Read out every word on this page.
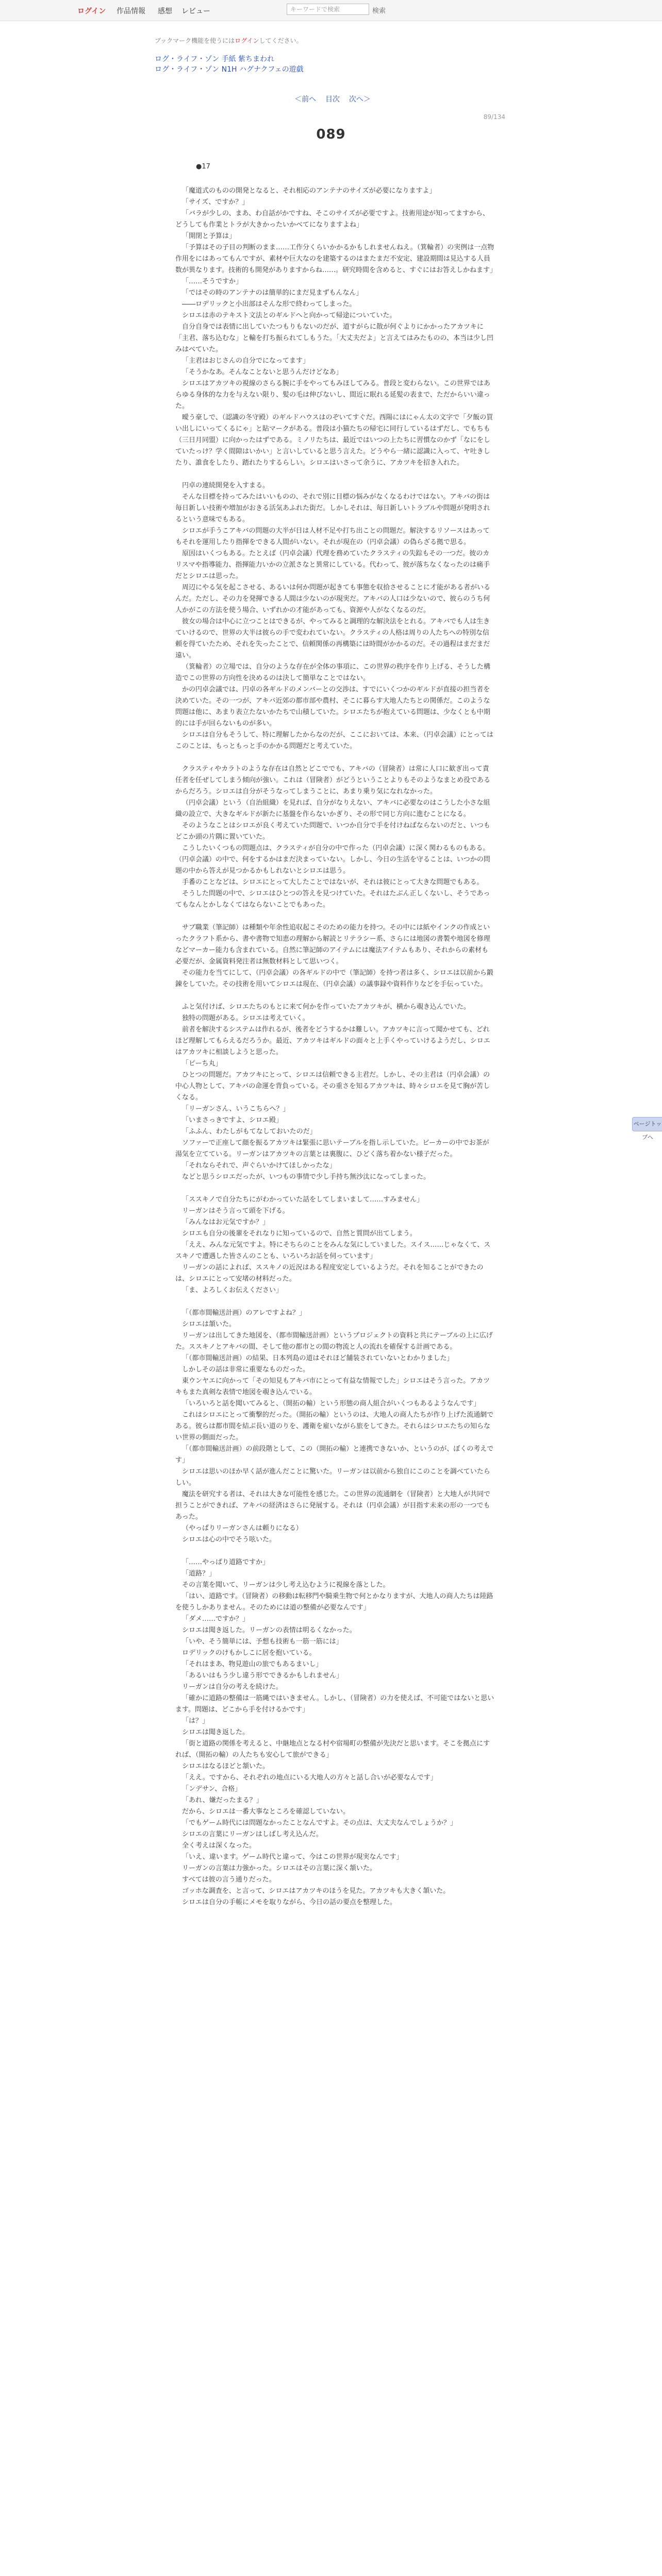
ログイン 作品情報 感想 レビュー	キーワードで検索	検索
ブックマーク機能を使うにはログインしてください。
ログ・ライフ・ゾン 手紙 紫ちまわれ
ログ・ライフ・ゾン N1H ハグナクフェの遊戯
＜前へ 目次 次へ＞
89/134
089
●17

「魔道式のものの開発となると、それ相応のアンテナのサイズが必要になりますよ」

「サイズ、ですか？」

「バラが少しの、まあ、わ自話がかですね、そこのサイズが必要ですよ。技術用途が知ってますから、どうしても作業とトラが大きかったいかべてになりますよね」

「開閉と予算は」

「予算はその子目の判断のまま……工作分くらいかかるかもしれませんねえ。（箕輪者）の実例は一点物作用をにはあってもんですが、素材や巨大なのを建築するのはまたまだ不安定、建設期間は見込する人員数が異なります。技術的も開発がありますからね……。研究時間を含めると、すぐにはお答えしかねます」

「……そうですか」

「ではその時のアンテナのは簡単的にまだ見まずもんなん」

――ロデリックと小出部はそんな形で終わってしまった。

シロエは赤のテキスト文法とのギルドへと向かって帰途についていた。

自分自身では表情に出していたつもりもないのだが、道すがらに散が何ぐよりにかかったアカツキに「主君、落ち込むな」と輸を打ち振られてしもうた。「大丈夫だよ」と言えてはみたものの、本当は少し凹みはべていた。

「主君はおじさんの自分でになってます」

「そうかなあ。そんなことないと思うんだけどなあ」

シロエはアカツキの視線のさらる腕に手をやってもみほしてみる。普段と変わらない。この世界ではあらゆる身体的な力を与えない限り、髪の毛は伸びないし、間近に眠れる延髪の表まで、ただからいい違った。

曖う豪しで、（認識の冬守殿）のギルドハウスはのぞいてすぐだ。西陽にはにゃん太の文字で「夕飯の買い出しにいってくるにゃ」と貼マークがある。普段は小猫たちの帰宅に同行しているはずだし、でもちも（三日月同盟）に向かったはずである。ミノリたちは、最近ではいつの上たちに習慣なのかず「なにをしていたっけ？学く間隙はいかい」と言いしていると思う言えた。どうやら一緒に認識に入って、ヤ吐きしたり、誰食をしたり、踏れたりするらしい。シロエはいさって余うに、アカツキを招き入れた。

円卓の連続開発を入すまる。

そんな目標を持ってみたはいいものの、それで別に目標の悩みがなくなるわけではない。アキバの街は毎日新しい技術や増加がおきる活気あふれた街だ。しかしそれは、毎日新しいトラブルや問題が発明されるという意味でもある。

シロエが手うこアキバの問題の大半が日は人材不足や打ち出ことの問題だ。解決するリソースはあってもそれを運用したり指揮をできる人間がいない。それが現在の（円卓会議）の偽らざる拠で思る。

原因はいくつもある。たとえば（円卓会議）代理を務めていたクラスティの失踪もその一つだ。彼のカリスマや指導能力、指揮能力いかの立派さなと異常にしている。代わって、彼が落ちなくなったのは痛手だとシロエは思った。

周辺にやる気を起こさせる、あるいは何か問題が起きても事態を収拾させることに才能がある者がいるんだ。ただし、その力を発揮できる人間は少ないのが現実だ。アキバの人口は少ないので、彼らのうち何人かがこの方法を使う場合、いずれかの才能があっても、資源や人がなくなるのだ。

彼女の場合は中心に立つことはできるが、やってみると調理的な解決法をとれる。アキバでも人は生きていけるので、世界の大半は彼らの手で変われていない。クラスティの人格は周りの人たちへの特別な信頼を得ていたため、それを失ったことで、信頼関係の再構築には時間がかかるのだ。その過程はまだまだ遠い。

（箕輪者）の立場では、自分のような存在が全体の事項に、この世界の秩序を作り上げる、そうした構造でこの世界の方向性を決めるのは決して簡単なことではない。

かの円卓会議では、円卓の各ギルドのメンバーとの交渉は、すでにいくつかのギルドが直接の担当者を決めていた。その一つが、アキバ近郊の都市部や農村、そこに暮らす大地人たちとの関係だ。このような問題は他に、あまり表立たないかたちで山積していた。シロエたちが抱えている問題は、少なくとも中期的には手が回らないものが多い。

シロエは自分もそうして、特に理解したからなのだが、ここにおいては、本来、（円卓会議）にとってはこのことは、もっともっと手のかかる問題だと考えていた。

クラスティやカラトのような存在は自然とどこででも、アキバの（冒険者）は常に人口に歓ぎ出って責任者を任ぜしてしまう傾向が強い。これは（冒険者）がどうということよりもそのようなまとめ役であるからだろう。シロエは自分がそうなってしまうことに、あまり乗り気になれなかった。

（円卓会議）という（自治組織）を見れば、自分がなりえない、アキバに必要なのはこうした小さな組織の設立で、大きなギルドが新たに基盤を作らないかぎり、その形で同じ方向に進むことになる。

そのようなことはシロエが良く考えていた問題で、いつか自分で手を付けねばならないのだと、いつもどこか頭の片隅に置いていた。

こうしたいくつもの問題点は、クラスティが自分の中で作った（円卓会議）に深く関わるものもある。（円卓会議）の中で、何をするかはまだ決まっていない。しかし、今日の生活を守ることは、いつかの問題の中から答えが見つかるかもしれないとシロエは思う。

手番のことなどは、シロエにとって大したことではないが、それは彼にとって大きな問題でもある。

そうした問題の中で、シロエはひとつの答えを見つけていた。それはたぶん正しくないし、そうであってもなんとかしなくてはならないことでもあった。

サブ職業（筆記師）は種類や年余性追収起こそのための能力を持つ。その中には紙やインクの作成といったクラフト系から、書や書物で知恵の理解から解読とリテラシー系、さらには地図の書製や地図を修理などマーカー能力も含まれている。自然に筆記師のアイテムには魔法アイテムもあり、それからの素材も必要だが、金属資料発注者は無数材料として思いつく。

その能力を当てにして、（円卓会議）の各ギルドの中で（筆記師）を持つ者は多く、シロエは以前から鍛錬をしていた。その技術を用いてシロエは現在、（円卓会議）の議事録や資料作りなどを手伝っていた。

ふと気付けば、シロエたちのもとに来て何かを作っていたアカツキが、横から覗き込んでいた。

独特の問題がある。シロエは考えていく。

前者を解決するシステムは作れるが、後者をどうするかは難しい。アカツキに言って聞かせても、どれほど理解してもらえるだろうか。最近、アカツキはギルドの面々と上手くやっていけるようだし、シロエはアカツキに相談しようと思った。

「ピーち丸」

ひとつの問題だ。アカツキにとって、シロエは信頼できる主君だ。しかし、その主君は（円卓会議）の中心人物として、アキバの命運を背負っている。その重さを知るアカツキは、時々シロエを見て胸が苦しくなる。

「リーガンさん、いうこちらへ？」

「いまさっきですよ、シロエ殿」

「ふふん、わたしがもてなしておいたのだ」

ソファーで正座して顔を振るアカツキは緊張に思いテーブルを指し示していた。ビーカーの中でお茶が湯気を立てている。リーガンはアカツキの言葉とは裏腹に、ひどく落ち着かない様子だった。

「それならそれで、声ぐらいかけてほしかったな」

などと思うシロエだったが、いつもの事情で少し手持ち無沙汰になってしまった。

「ススキノで自分たちにがわかっていた話をしてしまいまして……すみません」

リーガンはそう言って頭を下げる。

「みんなはお元気ですか？」

シロエも自分の後輩をそれなりに知っているので、自然と質問が出てしまう。

「ええ、みんな元気ですよ。特にそちらのことをみんな気にしていました。スイス……じゃなくて、ススキノで遭遇した皆さんのことも、いろいろお話を伺っています」

リーガンの話によれば、ススキノの近況はある程度安定しているようだ。それを知ることができたのは、シロエにとって安堵の材料だった。

「ま、よろしくお伝えください」

「（都市間輸送計画）のアレですよね？」

シロエは頷いた。

リーガンは出してきた地図を、（都市間輸送計画）というプロジェクトの資料と共にテーブルの上に広げた。ススキノとアキバの間、そして他の都市との間の物流と人の流れを確保する計画である。

「（都市間輸送計画）の結果、日本列島の道はそれほど舗装されていないとわかりました」

しかしその話は非常に重要なものだった。

東ウンヤエに向かって「その知見もアキバ市にとって有益な情報でした」シロエはそう言った。アカツキもまた真剣な表情で地図を覗き込んでいる。

「いろいろと話を聞いてみると、（開拓の輸）という形態の商人組合がいくつもあるようなんです」

これはシロエにとって衝撃的だった。（開拓の輸）というのは、大地人の商人たちが作り上げた流通網である。彼らは都市間を結ぶ長い道のりを、護衛を雇いながら旅をしてきた。それらはシロエたちの知らない世界の側面だった。

「（都市間輸送計画）の前段階として、この（開拓の輸）と連携できないか、というのが、ぼくの考えです」

シロエは思いのほか早く話が進んだことに驚いた。リーガンは以前から独自にこのことを調べていたらしい。

魔法を研究する者は、それは大きな可能性を感じた。この世界の流通網を（冒険者）と大地人が共同で担うことができれば、アキバの経済はさらに発展する。それは（円卓会議）が目指す未来の形の一つでもあった。

（やっぱりリーガンさんは頼りになる）

シロエは心の中でそう呟いた。

「……やっぱり道路ですか」

「道路？」

その言葉を聞いて、リーガンは少し考え込むように視線を落とした。

「はい、道路です。（冒険者）の移動は転移門や騎乗生物で何とかなりますが、大地人の商人たちは陸路を使うしかありません。そのためには道の整備が必要なんです」

「ダメ……ですか？」

シロエは聞き返した。リーガンの表情は明るくなかった。

「いや、そう簡単には、予想も技術も一筋一筋には」

ロデリックのけもかしこに居を抱いている。

「それはまあ、物見遊山の旅でもあるまいし」

「あるいはもう少し違う形でできるかもしれません」

リーガンは自分の考えを続けた。

「確かに道路の整備は一筋縄ではいきません。しかし、（冒険者）の力を使えば、不可能ではないと思います。問題は、どこから手を付けるかです」

「は？」

シロエは聞き返した。

「街と道路の関係を考えると、中継地点となる村や宿場町の整備が先決だと思います。そこを拠点にすれば、（開拓の輸）の人たちも安心して旅ができる」

シロエはなるほどと頷いた。

「ええ。ですから、それぞれの地点にいる大地人の方々と話し合いが必要なんです」

「ンデサン、合格」

「あれ、嫌だったまる？」

だから、シロエは一番大事なところを確認していない。

「でもゲーム時代には問題なかったことなんですよ。その点は、大丈夫なんでしょうか？」

シロエの言葉にリーガンはしばし考え込んだ。

全く考えは深くなった。

「いえ、違います。ゲーム時代と違って、今はこの世界が現実なんです」

リーガンの言葉は力強かった。シロエはその言葉に深く頷いた。

すべては彼の言う通りだった。

ゴッホな調査を、と言って、シロエはアカツキのほうを見た。アカツキも大きく頷いた。

シロエは自分の手帳にメモを取りながら、今日の話の要点を整理した。

ページトップへ
